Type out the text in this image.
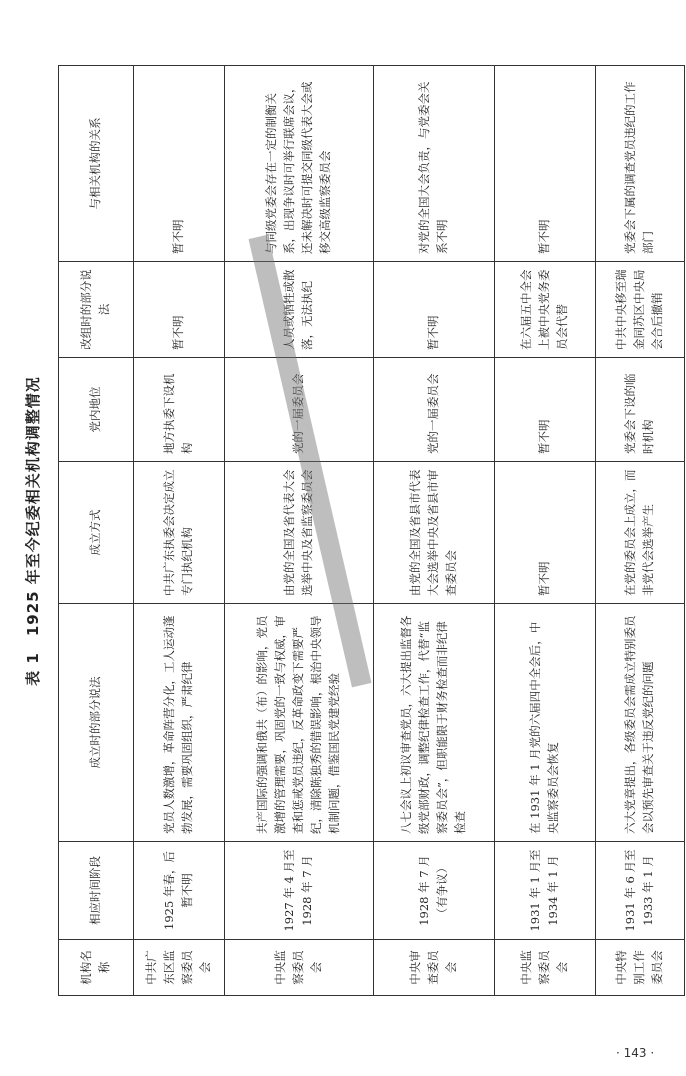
表 1　1925 年至今纪委相关机构调整情况
机构名称	相应时间阶段	成立时的部分说法	成立方式	党内地位	改组时的部分说法	与相关机构的关系
中共广东区监察委员会	1925 年春，后暂不明	党员人数激增，革命阵营分化，工人运动蓬勃发展，需要巩固组织，严肃纪律	中共广东执委会决定成立专门执纪机构	地方执委下设机构	暂不明	暂不明
中央监察委员会	1927 年 4 月至 1928 年 7 月	共产国际的强调和俄共（布）的影响，党员激增的管理需要，巩固党的一致与权威，审查和惩戒党员违纪，反革命政变下需要严纪，清除陈独秀的错误影响，根治中央领导机制问题，借鉴国民党建党经验	由党的全国及省代表大会选举中央及省监察委员会	党的一届委员会	人员或牺牲或散落，无法执纪	与同级党委会存在一定的制衡关系，出现争议时可举行联席会议，还未解决时可提交同级代表大会或移交高级监察委员会
中央审查委员会	1928 年 7 月（有争议）	八七会议上初议审查党员，六大提出监督各级党部财政，调整纪律检查工作，代替“监察委员会”，但职能限于财务检查而非纪律检查	由党的全国及省县市代表大会选举中央及省县市审查委员会	党的一届委员会	暂不明	对党的全国大会负责，与党委会关系不明
中央监察委员会	1931 年 1 月至 1934 年 1 月	在 1931 年 1 月党的六届四中全会后，中央监察委员会恢复	暂不明	暂不明	在六届五中全会上被中央党务委员会代替	暂不明
中央特别工作委员会	1931 年 6 月至 1933 年 1 月	六大党章提出，各级委员会需成立特别委员会以预先审查关于违反党纪的问题	在党的委员会上成立，而非党代会选举产生	党委会下设的临时机构	中共中央移至瑞金同苏区中央局会合后撤销	党委会下属的调查党员违纪的工作部门
· 143 ·
